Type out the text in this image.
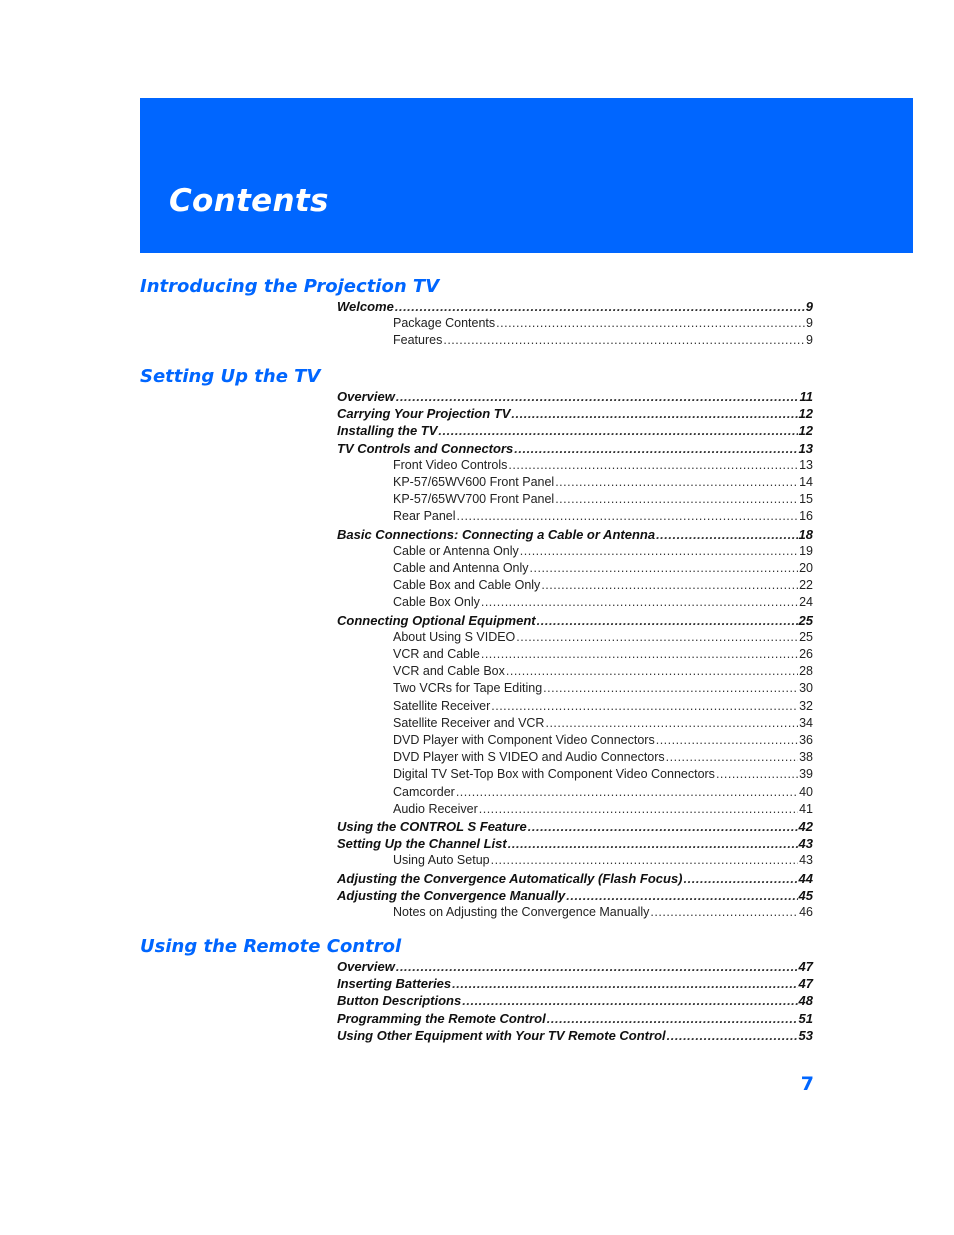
Contents
Introducing the Projection TV
Welcome .....	9
Package Contents .....	9
Features .....	9
Setting Up the TV
Overview .....	11
Carrying Your Projection TV .....	12
Installing the TV .....	12
TV Controls and Connectors .....	13
Front Video Controls .....	13
KP-57/65WV600 Front Panel .....	14
KP-57/65WV700 Front Panel .....	15
Rear Panel .....	16
Basic Connections: Connecting a Cable or Antenna .....	18
Cable or Antenna Only .....	19
Cable and Antenna Only .....	20
Cable Box and Cable Only .....	22
Cable Box Only .....	24
Connecting Optional Equipment .....	25
About Using S VIDEO .....	25
VCR and Cable .....	26
VCR and Cable Box .....	28
Two VCRs for Tape Editing .....	30
Satellite Receiver .....	32
Satellite Receiver and VCR .....	34
DVD Player with Component Video Connectors .....	36
DVD Player with S VIDEO and Audio Connectors .....	38
Digital TV Set-Top Box with Component Video Connectors .....	39
Camcorder .....	40
Audio Receiver .....	41
Using the CONTROL S Feature .....	42
Setting Up the Channel List .....	43
Using Auto Setup .....	43
Adjusting the Convergence Automatically (Flash Focus) .....	44
Adjusting the Convergence Manually .....	45
Notes on Adjusting the Convergence Manually .....	46
Using the Remote Control
Overview .....	47
Inserting Batteries .....	47
Button Descriptions .....	48
Programming the Remote Control .....	51
Using Other Equipment with Your TV Remote Control .....	53
7
